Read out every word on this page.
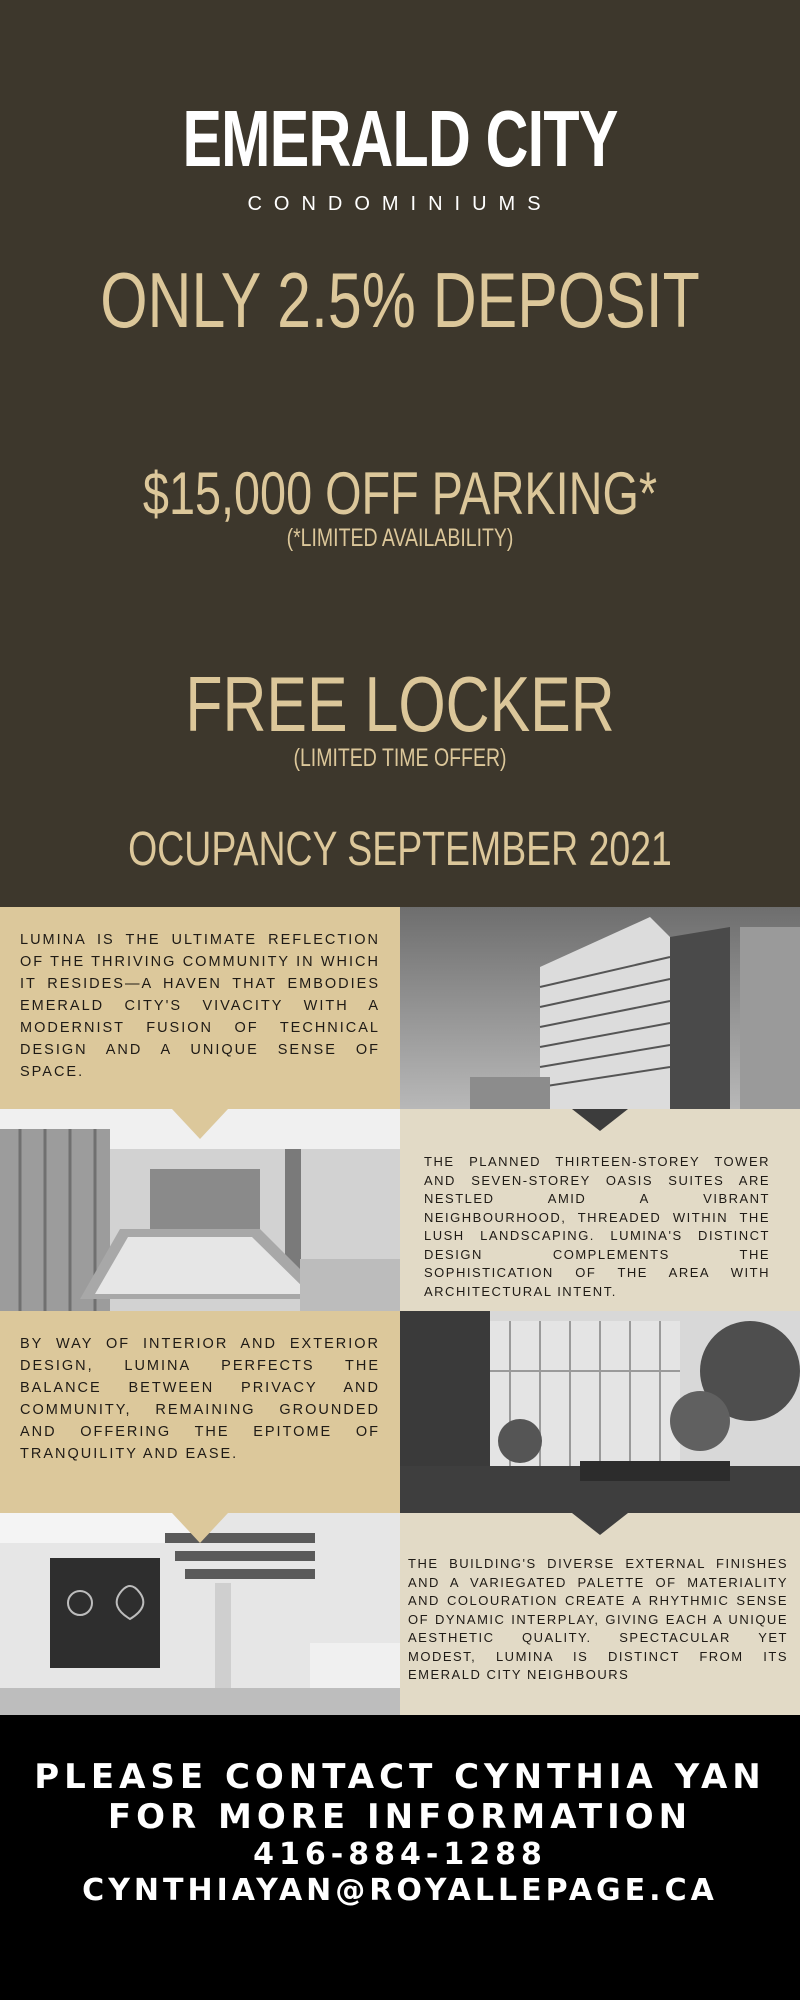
EMERALD CITY
CONDOMINIUMS
ONLY 2.5% DEPOSIT
$15,000 OFF PARKING*
(*LIMITED AVAILABILITY)
FREE LOCKER
(LIMITED TIME OFFER)
OCUPANCY SEPTEMBER 2021
LUMINA IS THE ULTIMATE REFLECTION OF THE THRIVING COMMUNITY IN WHICH IT RESIDES—A HAVEN THAT EMBODIES EMERALD CITY'S VIVACITY WITH A MODERNIST FUSION OF TECHNICAL DESIGN AND A UNIQUE SENSE OF SPACE.
THE PLANNED THIRTEEN-STOREY TOWER AND SEVEN-STOREY OASIS SUITES ARE NESTLED AMID A VIBRANT NEIGHBOURHOOD, THREADED WITHIN THE LUSH LANDSCAPING. LUMINA'S DISTINCT DESIGN COMPLEMENTS THE SOPHISTICATION OF THE AREA WITH ARCHITECTURAL INTENT.
BY WAY OF INTERIOR AND EXTERIOR DESIGN, LUMINA PERFECTS THE BALANCE BETWEEN PRIVACY AND COMMUNITY, REMAINING GROUNDED AND OFFERING THE EPITOME OF TRANQUILITY AND EASE.
THE BUILDING'S DIVERSE EXTERNAL FINISHES AND A VARIEGATED PALETTE OF MATERIALITY AND COLOURATION CREATE A RHYTHMIC SENSE OF DYNAMIC INTERPLAY, GIVING EACH A UNIQUE AESTHETIC QUALITY. SPECTACULAR YET MODEST, LUMINA IS DISTINCT FROM ITS EMERALD CITY NEIGHBOURS
PLEASE CONTACT CYNTHIA YAN
FOR MORE INFORMATION
416-884-1288
CYNTHIAYAN@ROYALLEPAGE.CA
